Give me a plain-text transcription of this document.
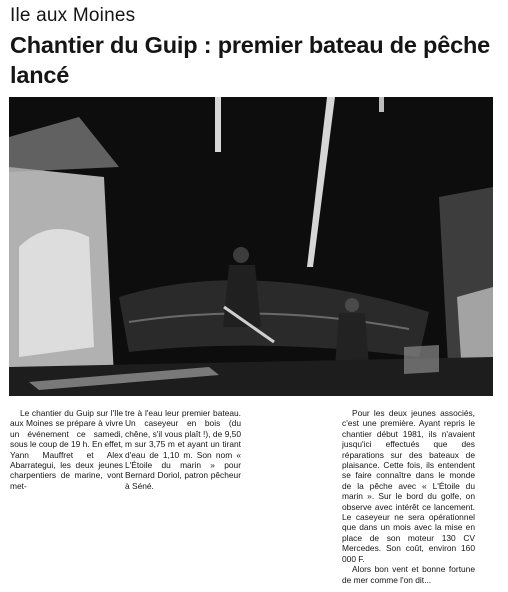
Ile aux Moines
Chantier du Guip : premier bateau de pêche lancé

Le chantier du Guip sur l'Ile aux Moines se prépare à vivre un événement ce samedi, sous le coup de 19 h. En effet, Yann Mauffret et Alex Abarrategui, les deux jeunes charpentiers de marine, vont met-

tre à l'eau leur premier bateau. Un caseyeur en bois (du chêne, s'il vous plaît !), de 9,50 m sur 3,75 m et ayant un tirant d'eau de 1,10 m. Son nom « L'Étoile du marin » pour Bernard Doriol, patron pêcheur à Séné.

Pour les deux jeunes associés, c'est une première. Ayant repris le chantier début 1981, ils n'avaient jusqu'ici effectués que des réparations sur des bateaux de plaisance. Cette fois, ils entendent se faire connaître dans le monde de la pêche avec « L'Étoile du marin ». Sur le bord du golfe, on observe avec intérêt ce lancement. Le caseyeur ne sera opérationnel que dans un mois avec la mise en place de son moteur 130 CV Mercedes. Son coût, environ 160 000 F.

Alors bon vent et bonne fortune de mer comme l'on dit...
